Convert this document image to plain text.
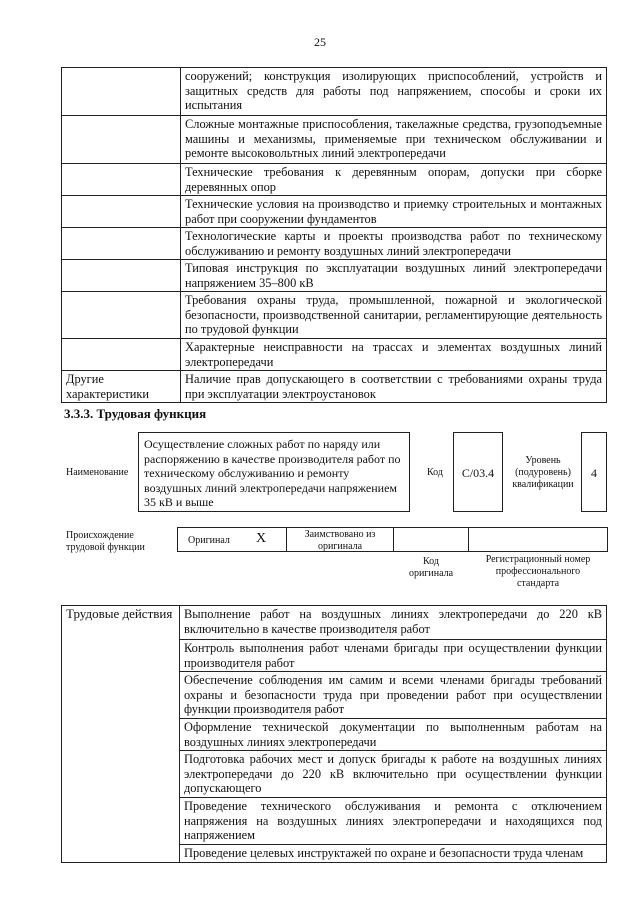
25
	сооружений; конструкция изолирующих приспособлений, устройств и защитных средств для работы под напряжением, способы и сроки их испытания
	Сложные монтажные приспособления, такелажные средства, грузоподъемные машины и механизмы, применяемые при техническом обслуживании и ремонте высоковольтных линий электропередачи
	Технические требования к деревянным опорам, допуски при сборке деревянных опор
	Технические условия на производство и приемку строительных и монтажных работ при сооружении фундаментов
	Технологические карты и проекты производства работ по техническому обслуживанию и ремонту воздушных линий электропередачи
	Типовая инструкция по эксплуатации воздушных линий электропередачи напряжением 35–800 кВ
	Требования охраны труда, промышленной, пожарной и экологической безопасности, производственной санитарии, регламентирующие деятельность по трудовой функции
	Характерные неисправности на трассах и элементах воздушных линий электропередачи
Другие характеристики	Наличие прав допускающего в соответствии с требованиями охраны труда при эксплуатации электроустановок
3.3.3. Трудовая функция
Наименование
Осуществление сложных работ по наряду или распоряжению в качестве производителя работ по техническому обслуживанию и ремонту воздушных линий электропередачи напряжением 35 кВ и выше
Код	C/03.4
Уровень (подуровень) квалификации
4
Происхождение трудовой функции
Оригинал X	Заимствовано из оригинала
Код оригинала
Регистрационный номер профессионального стандарта
Трудовые действия	Выполнение работ на воздушных линиях электропередачи до 220 кВ включительно в качестве производителя работ
Контроль выполнения работ членами бригады при осуществлении функции производителя работ
Обеспечение соблюдения им самим и всеми членами бригады требований охраны и безопасности труда при проведении работ при осуществлении функции производителя работ
Оформление технической документации по выполненным работам на воздушных линиях электропередачи
Подготовка рабочих мест и допуск бригады к работе на воздушных линиях электропередачи до 220 кВ включительно при осуществлении функции допускающего
Проведение технического обслуживания и ремонта с отключением напряжения на воздушных линиях электропередачи и находящихся под напряжением
Проведение целевых инструктажей по охране и безопасности труда членам
